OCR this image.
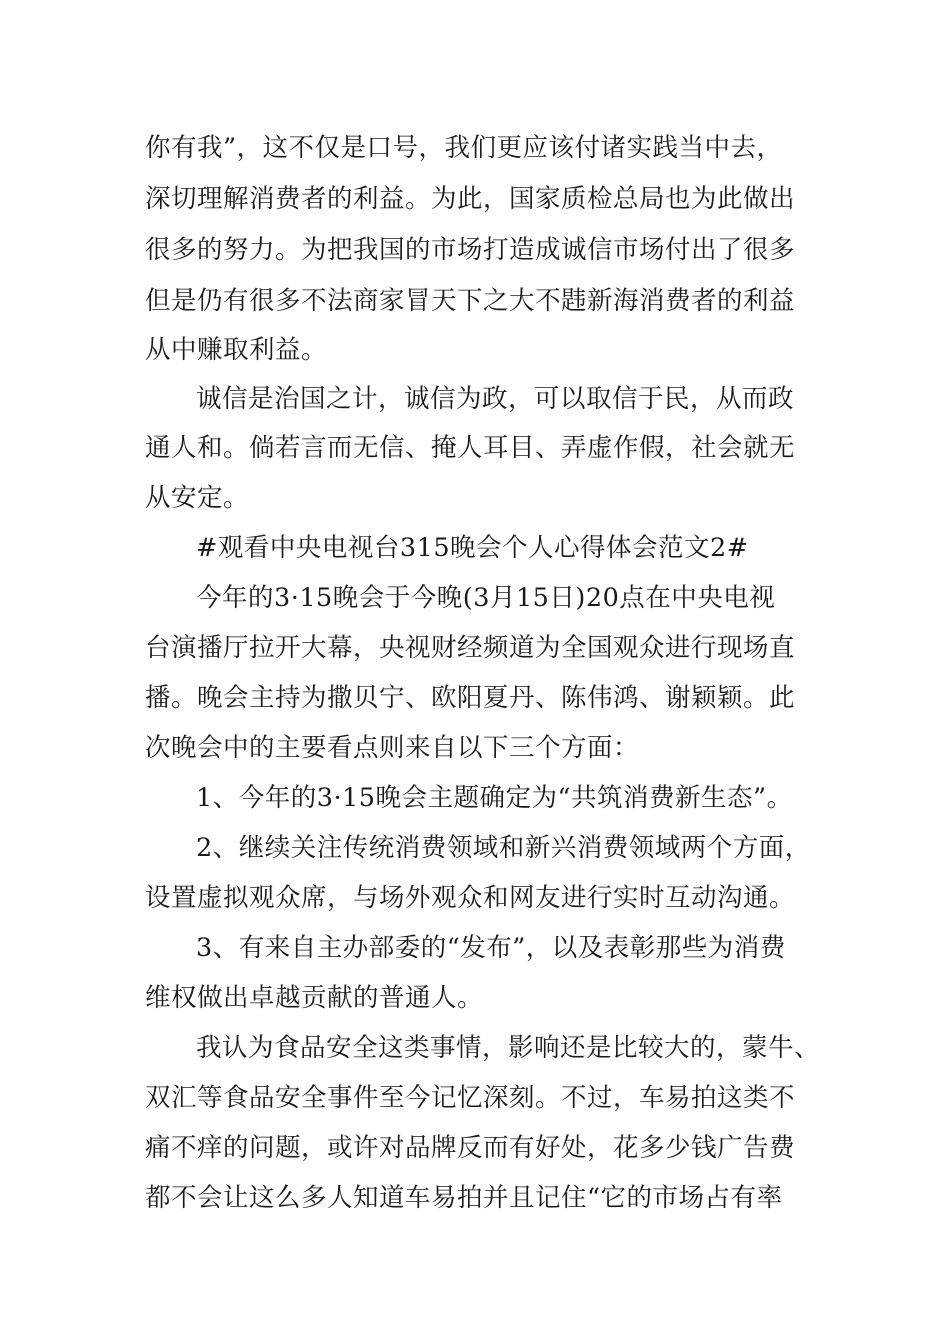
你有我”，这不仅是口号，我们更应该付诸实践当中去，
深切理解消费者的利益。为此，国家质检总局也为此做出
很多的努力。为把我国的市场打造成诚信市场付出了很多
但是仍有很多不法商家冒天下之大不韪新海消费者的利益
从中赚取利益。
诚信是治国之计，诚信为政，可以取信于民，从而政
通人和。倘若言而无信、掩人耳目、弄虚作假，社会就无
从安定。
#观看中央电视台315晚会个人心得体会范文2#
今年的3·15晚会于今晚(3月15日)20点在中央电视
台演播厅拉开大幕，央视财经频道为全国观众进行现场直
播。晚会主持为撒贝宁、欧阳夏丹、陈伟鸿、谢颖颖。此
次晚会中的主要看点则来自以下三个方面：
1、今年的3·15晚会主题确定为“共筑消费新生态”。
2、继续关注传统消费领域和新兴消费领域两个方面，
设置虚拟观众席，与场外观众和网友进行实时互动沟通。
3、有来自主办部委的“发布”，以及表彰那些为消费
维权做出卓越贡献的普通人。
我认为食品安全这类事情，影响还是比较大的，蒙牛、
双汇等食品安全事件至今记忆深刻。不过，车易拍这类不
痛不痒的问题，或许对品牌反而有好处，花多少钱广告费
都不会让这么多人知道车易拍并且记住“它的市场占有率
